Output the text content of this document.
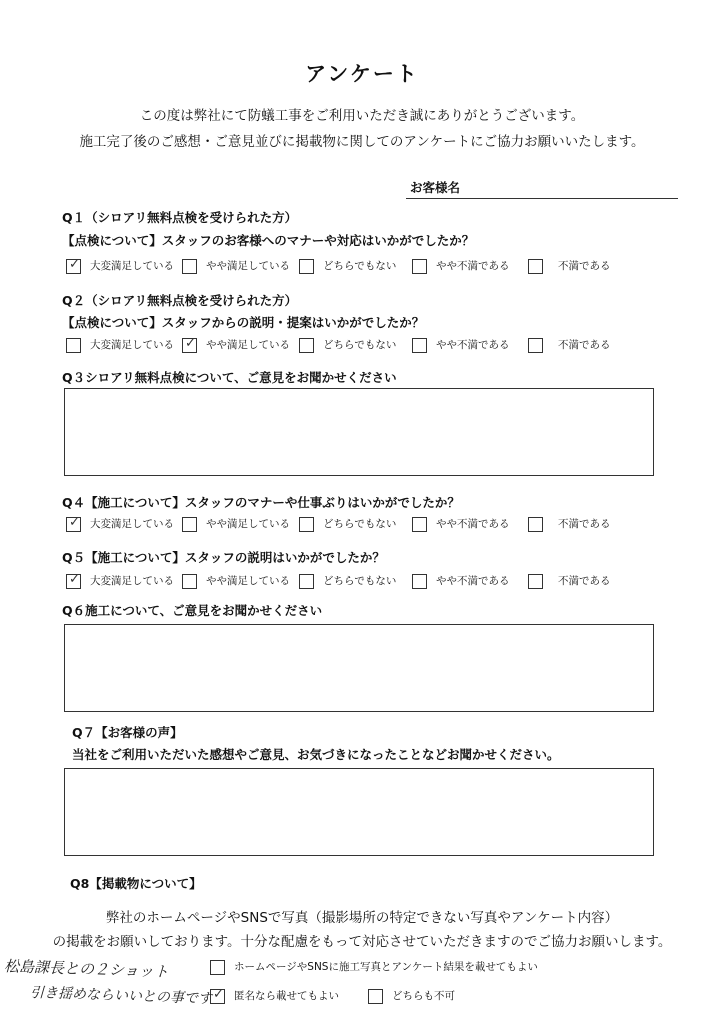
アンケート
この度は弊社にて防蟻工事をご利用いただき誠にありがとうございます。
施工完了後のご感想・ご意見並びに掲載物に関してのアンケートにご協力お願いいたします。
お客様名
Q１（シロアリ無料点検を受けられた方）
【点検について】スタッフのお客様へのマナーや対応はいかがでしたか？
Q２（シロアリ無料点検を受けられた方）
【点検について】スタッフからの説明・提案はいかがでしたか？
Q３シロアリ無料点検について、ご意見をお聞かせください
Q４【施工について】スタッフのマナーや仕事ぶりはいかがでしたか？
Q５【施工について】スタッフの説明はいかがでしたか？
Q６施工について、ご意見をお聞かせください
Q７【お客様の声】
当社をご利用いただいた感想やご意見、お気づきになったことなどお聞かせください。
Q8【掲載物について】
弊社のホームページやSNSで写真（撮影場所の特定できない写真やアンケート内容）
の掲載をお願いしております。十分な配慮をもって対応させていただきますのでご協力お願いします。
ホームページやSNSに施工写真とアンケート結果を載せてもよい
✓ 匿名なら載せてもよい	どちらも不可
松島課長との２ショット
引き揺めならいいとの事です
✓ 大変満足している	やや満足している	どちらでもない	やや不満である	不満である
大変満足している ✓ やや満足している	どちらでもない	やや不満である	不満である
✓ 大変満足している	やや満足している	どちらでもない	やや不満である	不満である
✓ 大変満足している	やや満足している	どちらでもない	やや不満である	不満である
